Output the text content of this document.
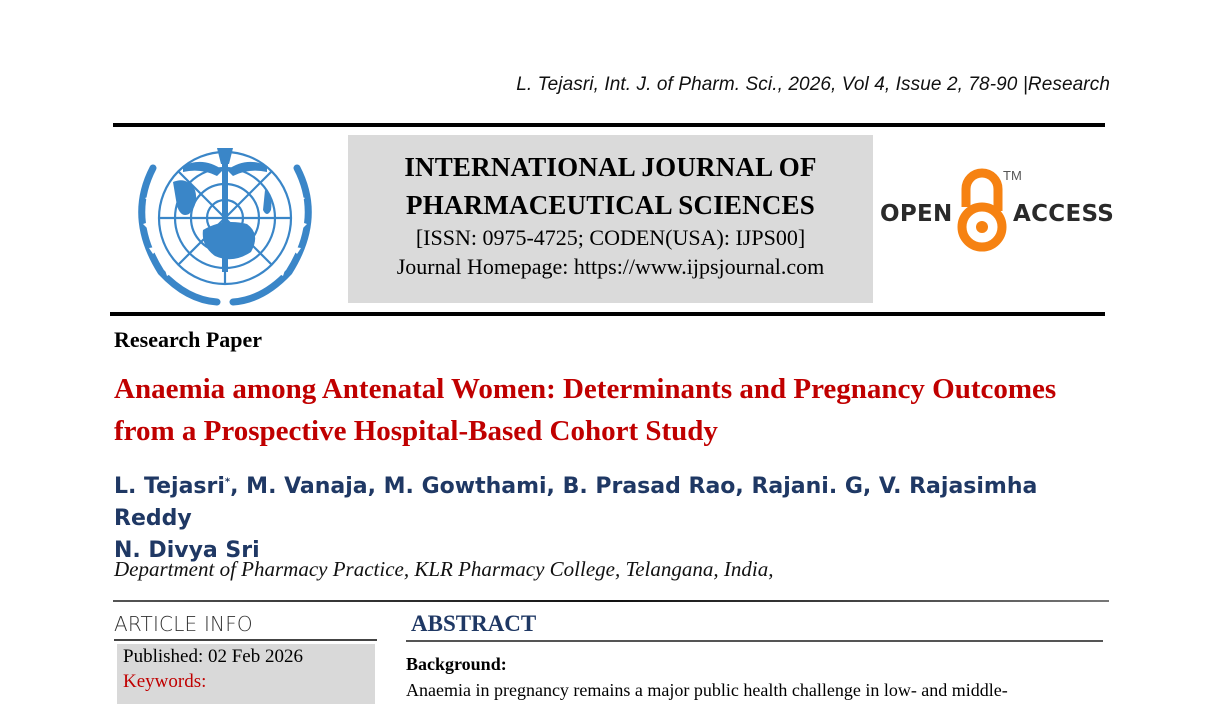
L. Tejasri, Int. J. of Pharm. Sci., 2026, Vol 4, Issue 2, 78-90 |Research
INTERNATIONAL JOURNAL OF
PHARMACEUTICAL SCIENCES
[ISSN: 0975-4725; CODEN(USA): IJPS00]
Journal Homepage: https://www.ijpsjournal.com
OPEN
TM
ACCESS
Research Paper
Anaemia among Antenatal Women: Determinants and Pregnancy Outcomes from a Prospective Hospital-Based Cohort Study
L. Tejasri*, M. Vanaja, M. Gowthami, B. Prasad Rao, Rajani. G, V. Rajasimha Reddy
N. Divya Sri
Department of Pharmacy Practice, KLR Pharmacy College, Telangana, India,
ARTICLE INFO
Published: 02 Feb 2026
Keywords:
ABSTRACT
Background:
Anaemia in pregnancy remains a major public health challenge in low- and middle-
